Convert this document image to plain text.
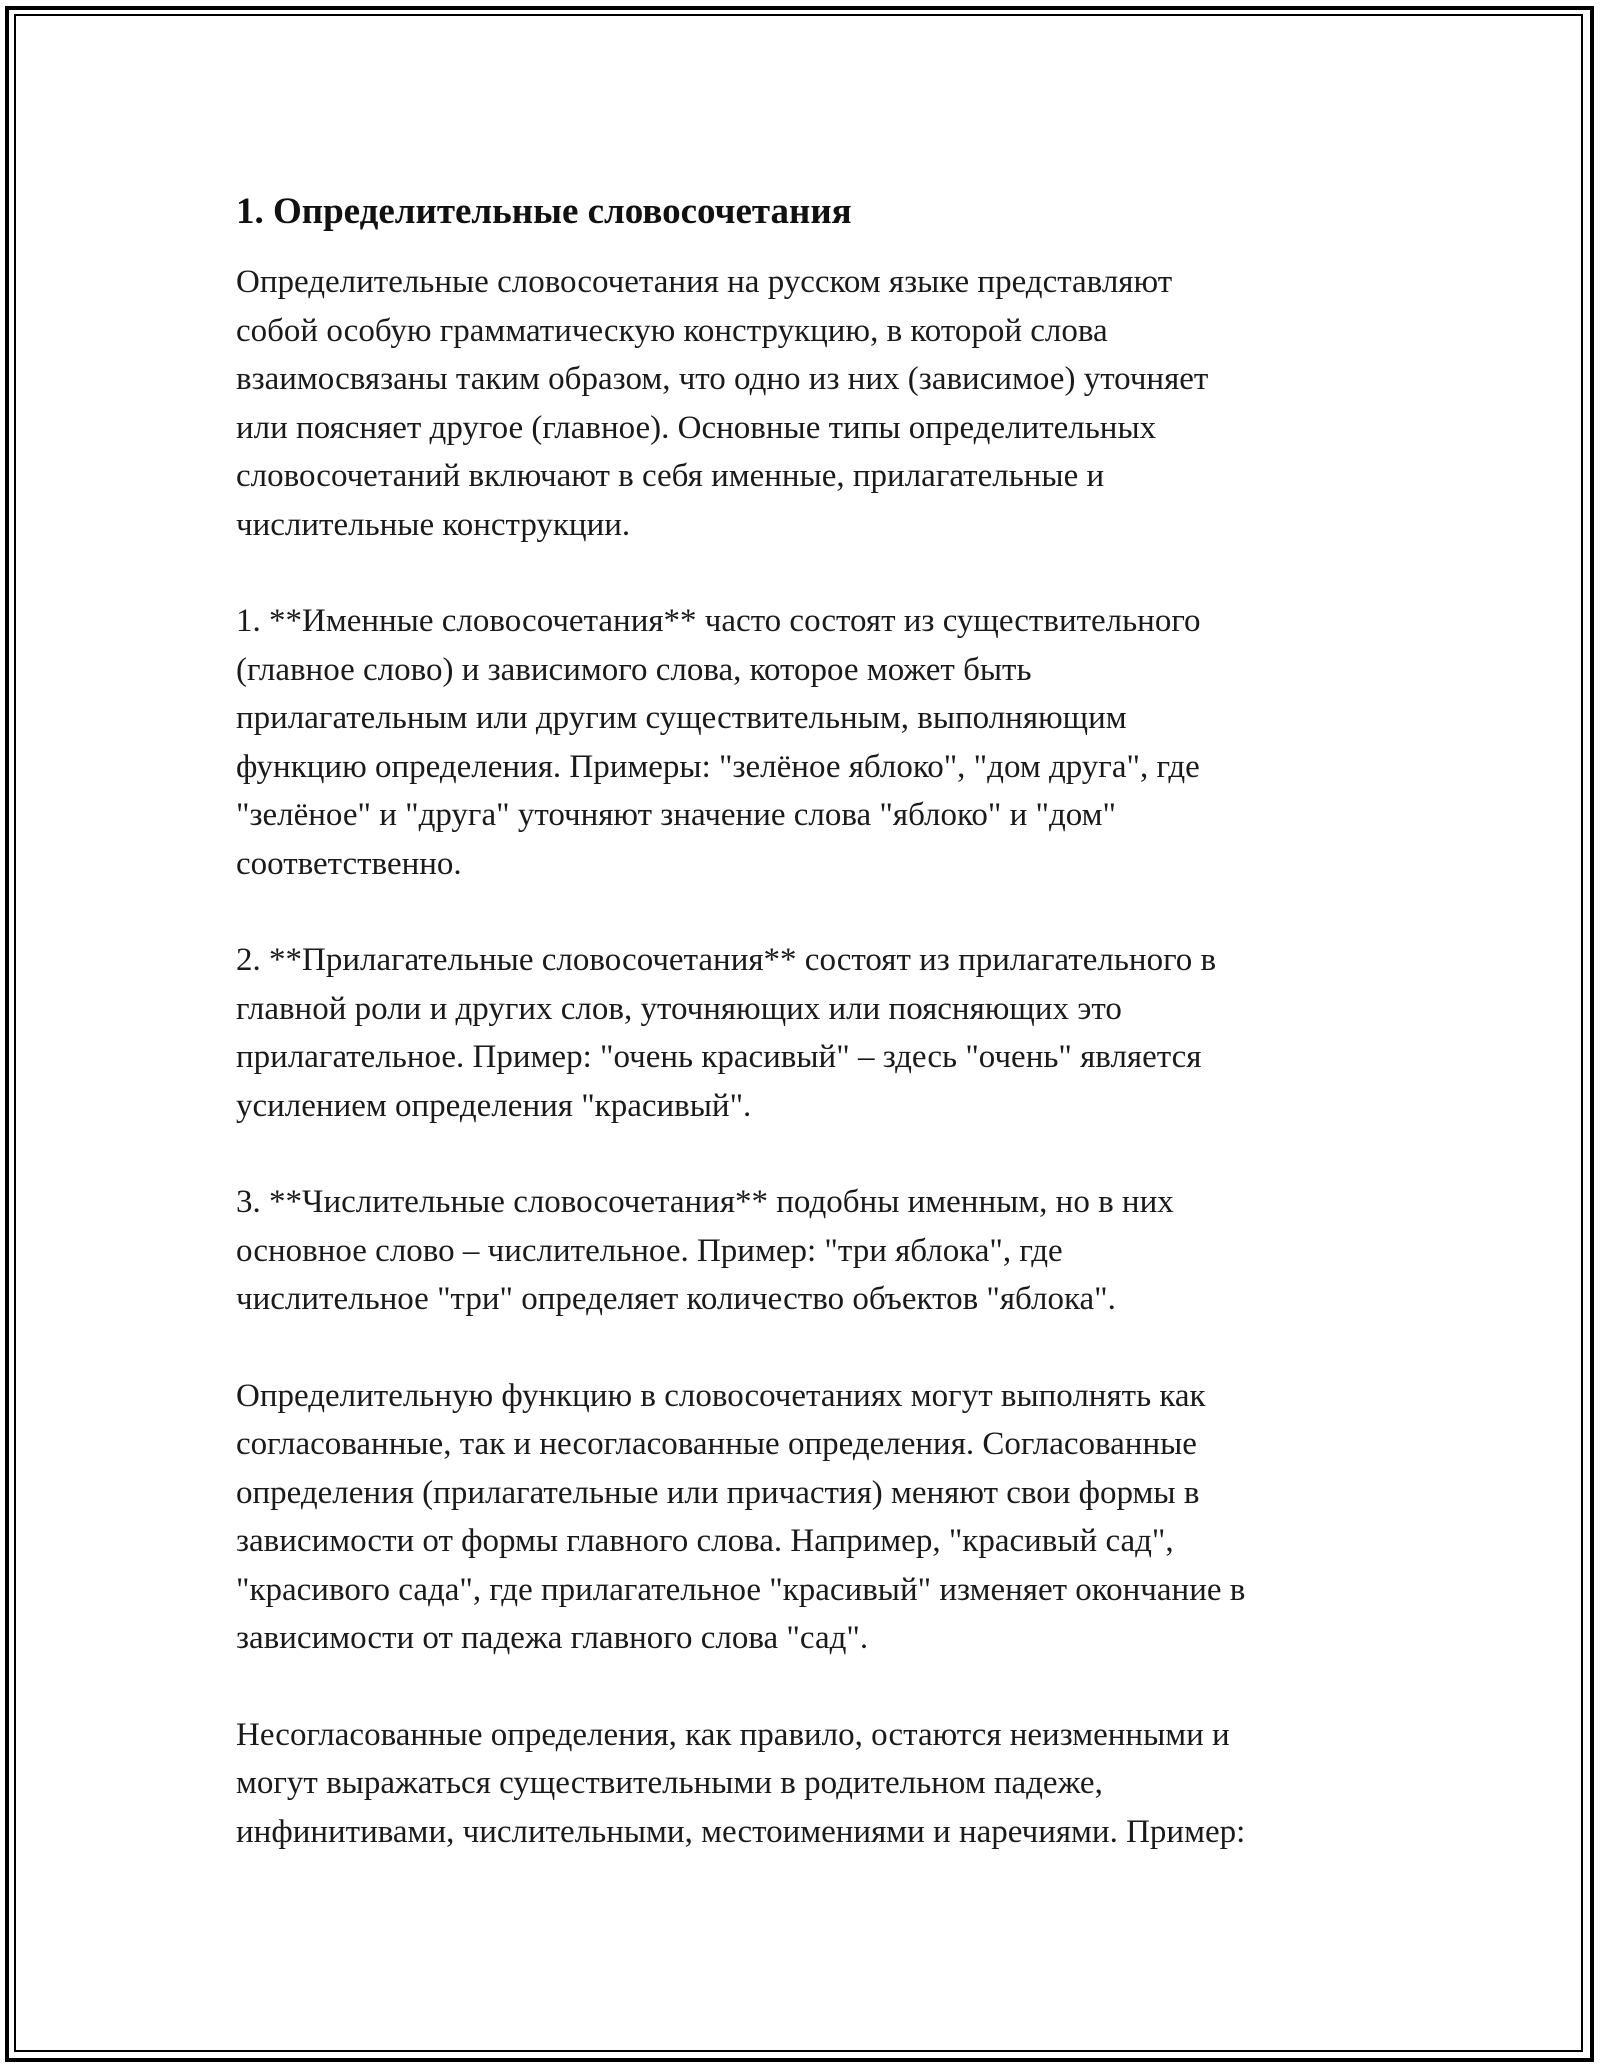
1. Определительные словосочетания

Определительные словосочетания на русском языке представляют
собой особую грамматическую конструкцию, в которой слова
взаимосвязаны таким образом, что одно из них (зависимое) уточняет
или поясняет другое (главное). Основные типы определительных
словосочетаний включают в себя именные, прилагательные и
числительные конструкции.

1. **Именные словосочетания** часто состоят из существительного
(главное слово) и зависимого слова, которое может быть
прилагательным или другим существительным, выполняющим
функцию определения. Примеры: "зелёное яблоко", "дом друга", где
"зелёное" и "друга" уточняют значение слова "яблоко" и "дом"
соответственно.

2. **Прилагательные словосочетания** состоят из прилагательного в
главной роли и других слов, уточняющих или поясняющих это
прилагательное. Пример: "очень красивый" – здесь "очень" является
усилением определения "красивый".

3. **Числительные словосочетания** подобны именным, но в них
основное слово – числительное. Пример: "три яблока", где
числительное "три" определяет количество объектов "яблока".

Определительную функцию в словосочетаниях могут выполнять как
согласованные, так и несогласованные определения. Согласованные
определения (прилагательные или причастия) меняют свои формы в
зависимости от формы главного слова. Например, "красивый сад",
"красивого сада", где прилагательное "красивый" изменяет окончание в
зависимости от падежа главного слова "сад".

Несогласованные определения, как правило, остаются неизменными и
могут выражаться существительными в родительном падеже,
инфинитивами, числительными, местоимениями и наречиями. Пример:
